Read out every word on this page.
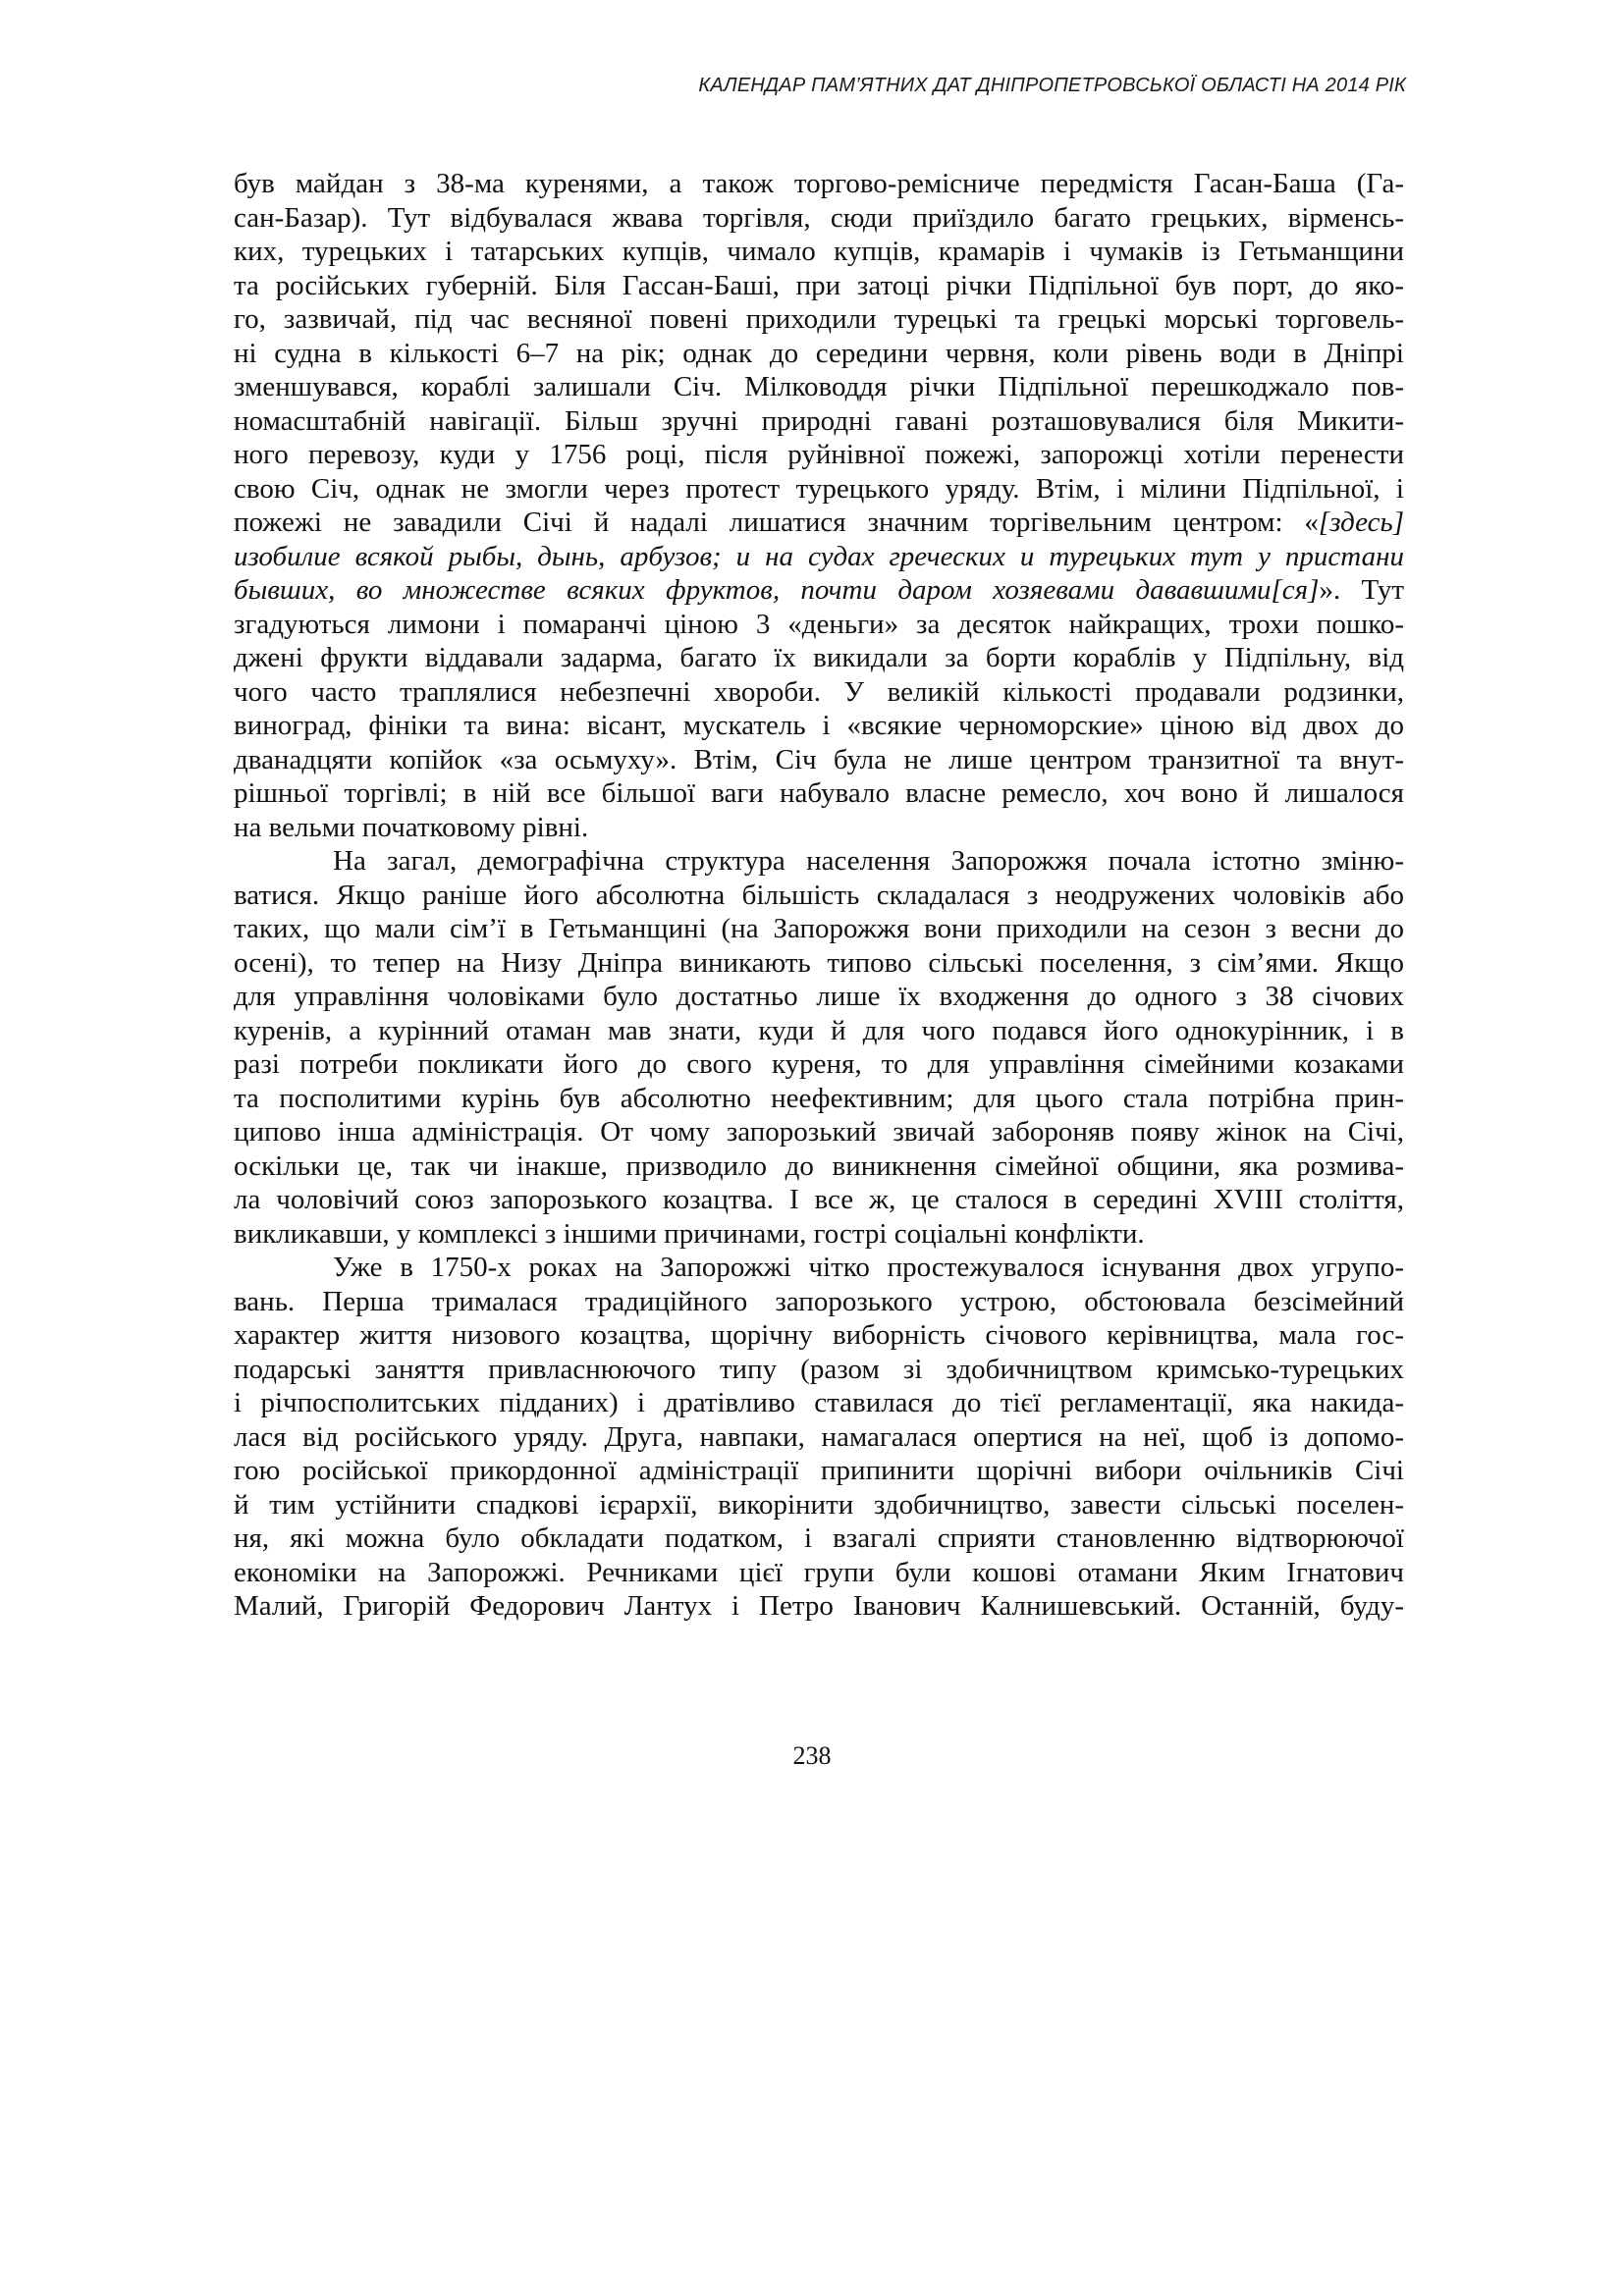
КАЛЕНДАР ПАМ’ЯТНИХ ДАТ ДНІПРОПЕТРОВСЬКОЇ ОБЛАСТІ НА 2014 РІК

був майдан з 38-ма куренями, а також торгово-ремісниче передмістя Гасан-Баша (Га-
сан-Базар). Тут відбувалася жвава торгівля, сюди приїздило багато грецьких, вірменсь-
ких, турецьких і татарських купців, чимало купців, крамарів і чумаків із Гетьманщини
та російських губерній. Біля Гассан-Баші, при затоці річки Підпільної був порт, до яко-
го, зазвичай, під час весняної повені приходили турецькі та грецькі морські торговель-
ні судна в кількості 6–7 на рік; однак до середини червня, коли рівень води в Дніпрі
зменшувався, кораблі залишали Січ. Мілководдя річки Підпільної перешкоджало пов-
номасштабній навігації. Більш зручні природні гавані розташовувалися біля Микити-
ного перевозу, куди у 1756 році, після руйнівної пожежі, запорожці хотіли перенести
свою Січ, однак не змогли через протест турецького уряду. Втім, і мілини Підпільної, і
пожежі не завадили Січі й надалі лишатися значним торгівельним центром: «[здесь]
изобилие всякой рыбы, дынь, арбузов; и на судах греческих и турецьких тут у пристани
бывших, во множестве всяких фруктов, почти даром хозяевами дававшими[ся]». Тут
згадуються лимони і помаранчі ціною 3 «деньги» за десяток найкращих, трохи пошко-
джені фрукти віддавали задарма, багато їх викидали за борти кораблів у Підпільну, від
чого часто траплялися небезпечні хвороби. У великій кількості продавали родзинки,
виноград, фініки та вина: вісант, мускатель і «всякие черноморские» ціною від двох до
дванадцяти копійок «за осьмуху». Втім, Січ була не лише центром транзитної та внут-
рішньої торгівлі; в ній все більшої ваги набувало власне ремесло, хоч воно й лишалося
на вельми початковому рівні.

На загал, демографічна структура населення Запорожжя почала істотно зміню-
ватися. Якщо раніше його абсолютна більшість складалася з неодружених чоловіків або
таких, що мали сім’ї в Гетьманщині (на Запорожжя вони приходили на сезон з весни до
осені), то тепер на Низу Дніпра виникають типово сільські поселення, з сім’ями. Якщо
для управління чоловіками було достатньо лише їх входження до одного з 38 січових
куренів, а курінний отаман мав знати, куди й для чого подався його однокурінник, і в
разі потреби покликати його до свого куреня, то для управління сімейними козаками
та посполитими курінь був абсолютно неефективним; для цього стала потрібна прин-
ципово інша адміністрація. От чому запорозький звичай забороняв появу жінок на Січі,
оскільки це, так чи інакше, призводило до виникнення сімейної общини, яка розмива-
ла чоловічий союз запорозького козацтва. І все ж, це сталося в середині XVIII століття,
викликавши, у комплексі з іншими причинами, гострі соціальні конфлікти.

Уже в 1750-х роках на Запорожжі чітко простежувалося існування двох угрупо-
вань. Перша трималася традиційного запорозького устрою, обстоювала безсімейний
характер життя низового козацтва, щорічну виборність січового керівництва, мала гос-
подарські заняття привласнюючого типу (разом зі здобичництвом кримсько-турецьких
і річпосполитських підданих) і дратівливо ставилася до тієї регламентації, яка накида-
лася від російського уряду. Друга, навпаки, намагалася опертися на неї, щоб із допомо-
гою російської прикордонної адміністрації припинити щорічні вибори очільників Січі
й тим устійнити спадкові ієрархії, викорінити здобичництво, завести сільські поселен-
ня, які можна було обкладати податком, і взагалі сприяти становленню відтворюючої
економіки на Запорожжі. Речниками цієї групи були кошові отамани Яким Ігнатович
Малий, Григорій Федорович Лантух і Петро Іванович Калнишевський. Останній, буду-

238
